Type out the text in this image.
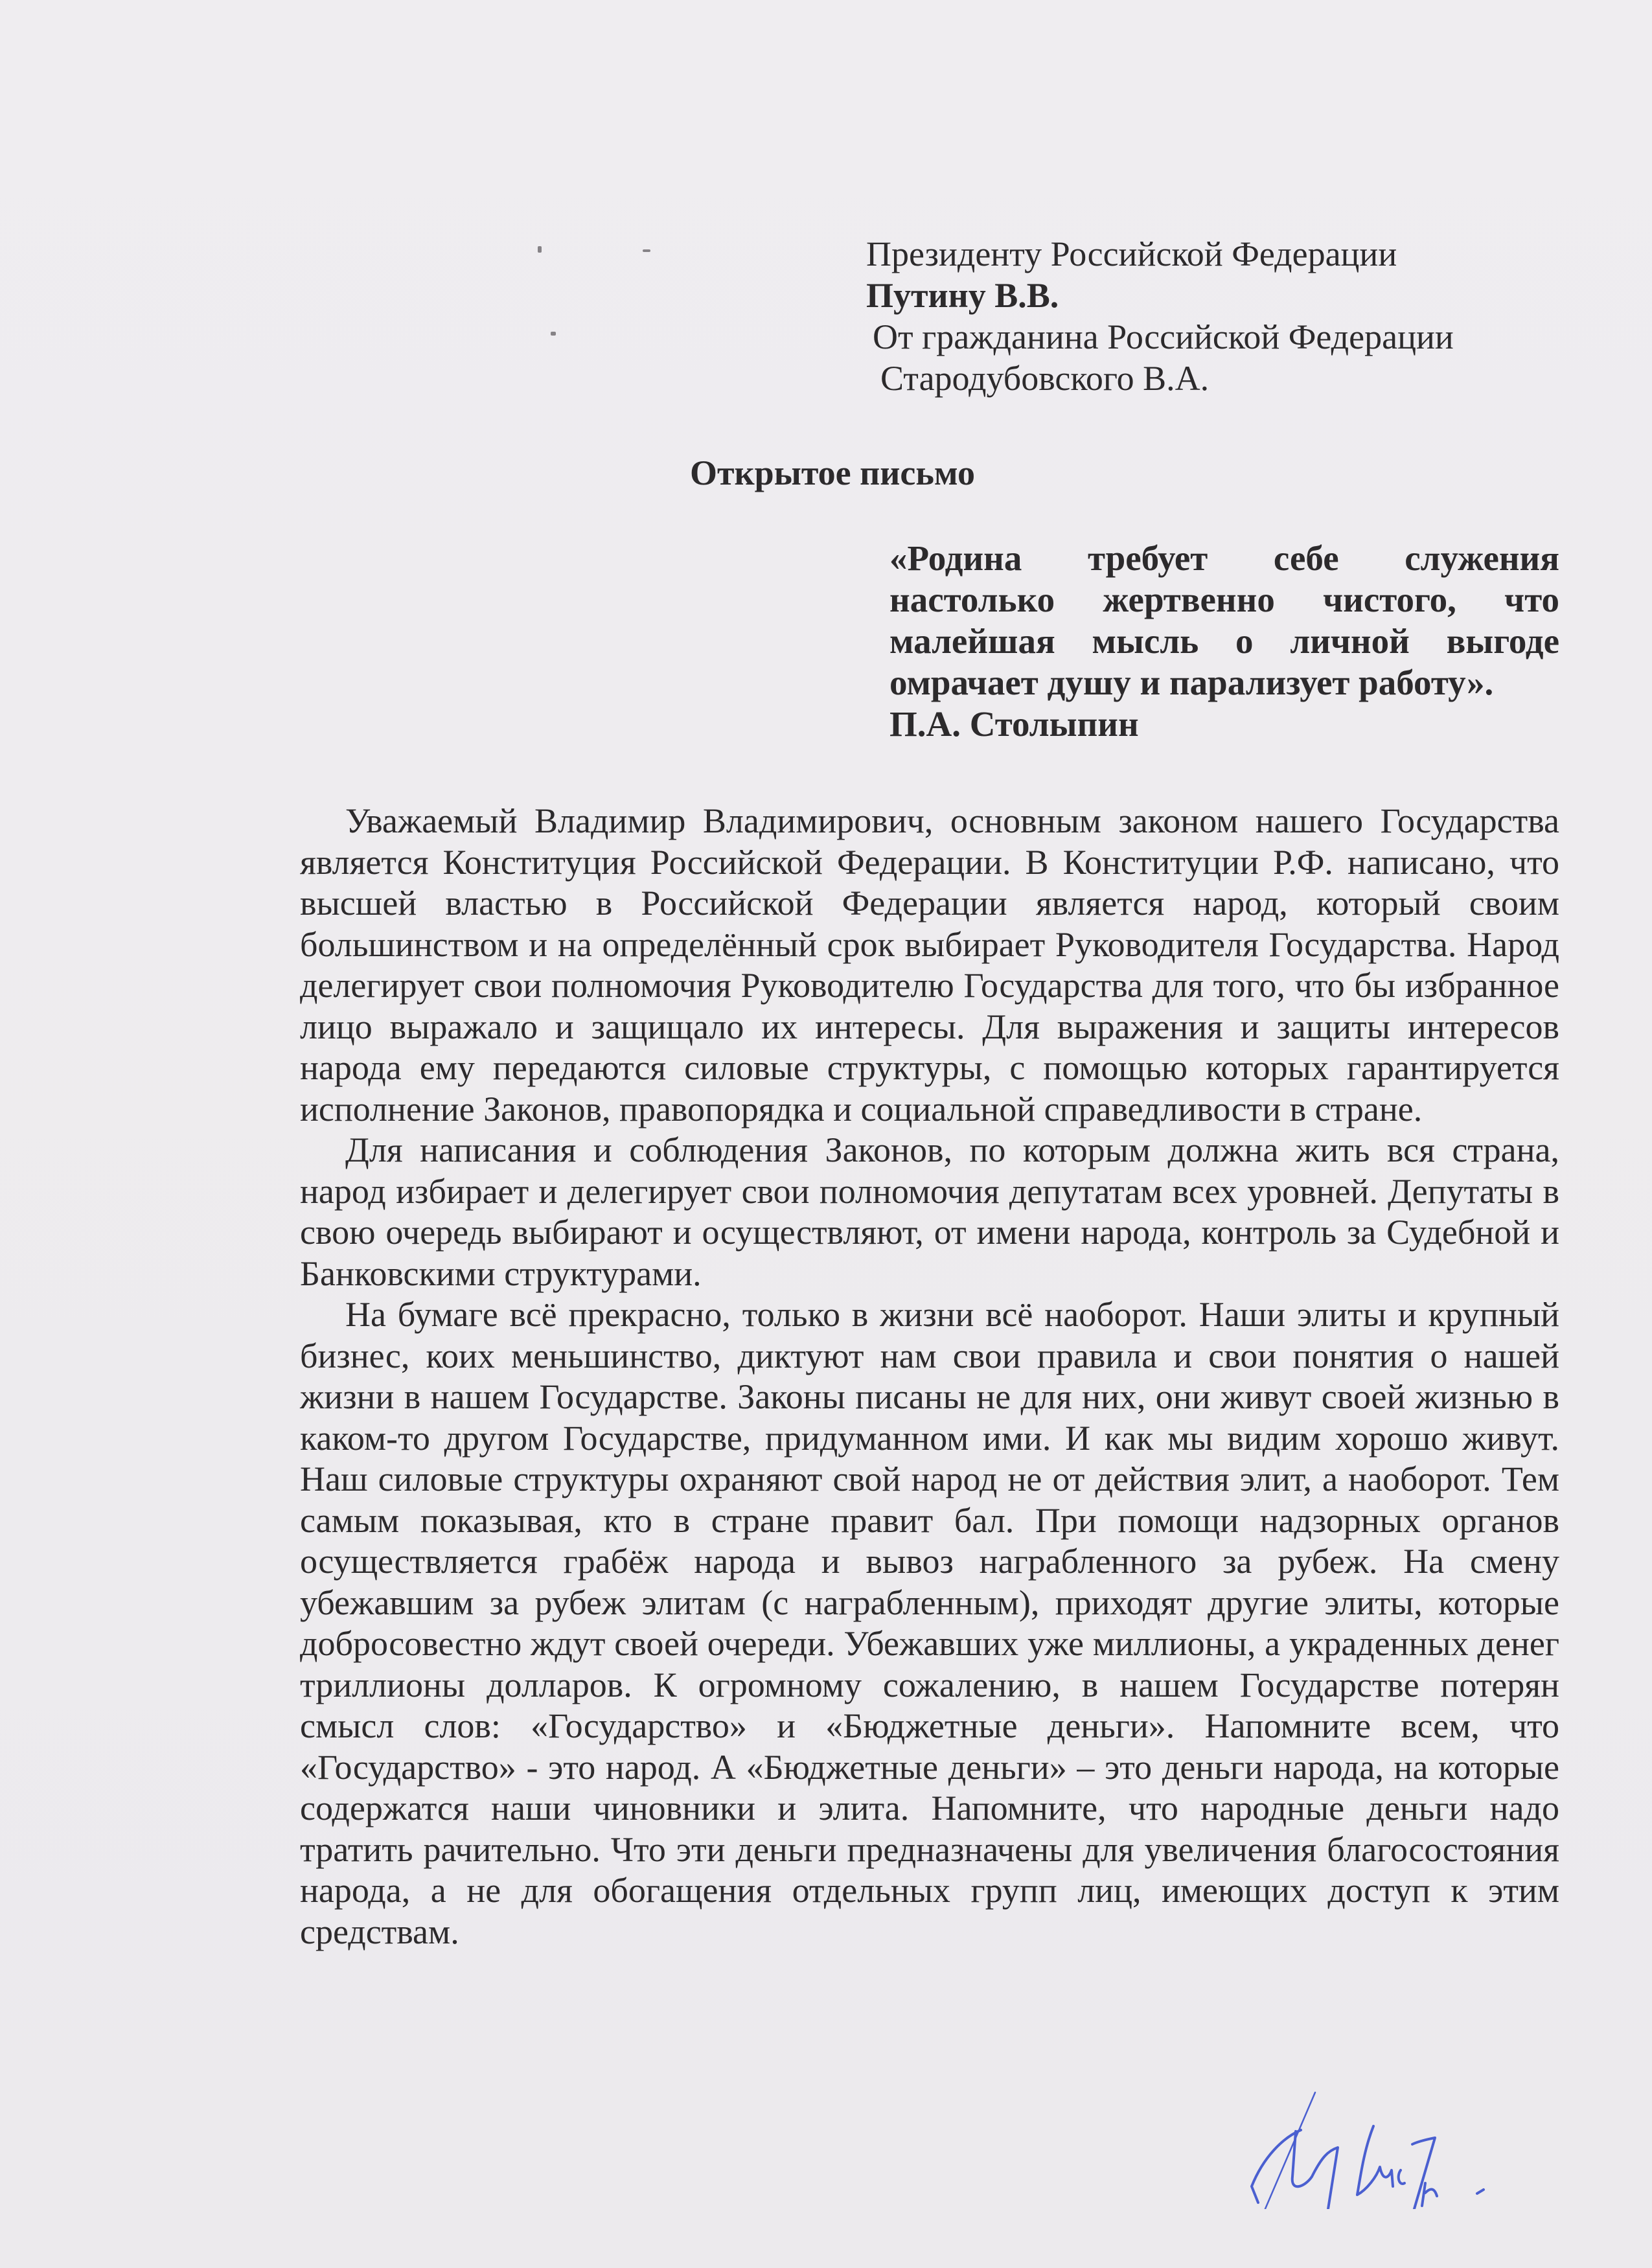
Президенту Российской Федерации
Путину В.В.
От гражданина Российской Федерации
Стародубовского В.А.
Открытое письмо
«Родина требует себе служения настолько жертвенно чистого, что малейшая мысль о личной выгоде омрачает душу и парализует работу».
П.А. Столыпин

Уважаемый Владимир Владимирович, основным законом нашего Государства является Конституция Российской Федерации. В Конституции Р.Ф. написано, что высшей властью в Российской Федерации является народ, который своим большинством и на определённый срок выбирает Руководителя Государства. Народ делегирует свои полномочия Руководителю Государства для того, что бы избранное лицо выражало и защищало их интересы. Для выражения и защиты интересов народа ему передаются силовые структуры, с помощью которых гарантируется исполнение Законов, правопорядка и социальной справедливости в стране.

Для написания и соблюдения Законов, по которым должна жить вся страна, народ избирает и делегирует свои полномочия депутатам всех уровней. Депутаты в свою очередь выбирают и осуществляют, от имени народа, контроль за Судебной и Банковскими структурами.

На бумаге всё прекрасно, только в жизни всё наоборот. Наши элиты и крупный бизнес, коих меньшинство, диктуют нам свои правила и свои понятия о нашей жизни в нашем Государстве. Законы писаны не для них, они живут своей жизнью в каком-то другом Государстве, придуманном ими. И как мы видим хорошо живут. Наш силовые структуры охраняют свой народ не от действия элит, а наоборот. Тем самым показывая, кто в стране правит бал. При помощи надзорных органов осуществляется грабёж народа и вывоз награбленного за рубеж. На смену убежавшим за рубеж элитам (с награбленным), приходят другие элиты, которые добросовестно ждут своей очереди. Убежавших уже миллионы, а украденных денег триллионы долларов. К огромному сожалению, в нашем Государстве потерян смысл слов: «Государство» и «Бюджетные деньги». Напомните всем, что «Государство» - это народ. А «Бюджетные деньги» – это деньги народа, на которые содержатся наши чиновники и элита. Напомните, что народные деньги надо тратить рачительно. Что эти деньги предназначены для увеличения благосостояния народа, а не для обогащения отдельных групп лиц, имеющих доступ к этим средствам.
